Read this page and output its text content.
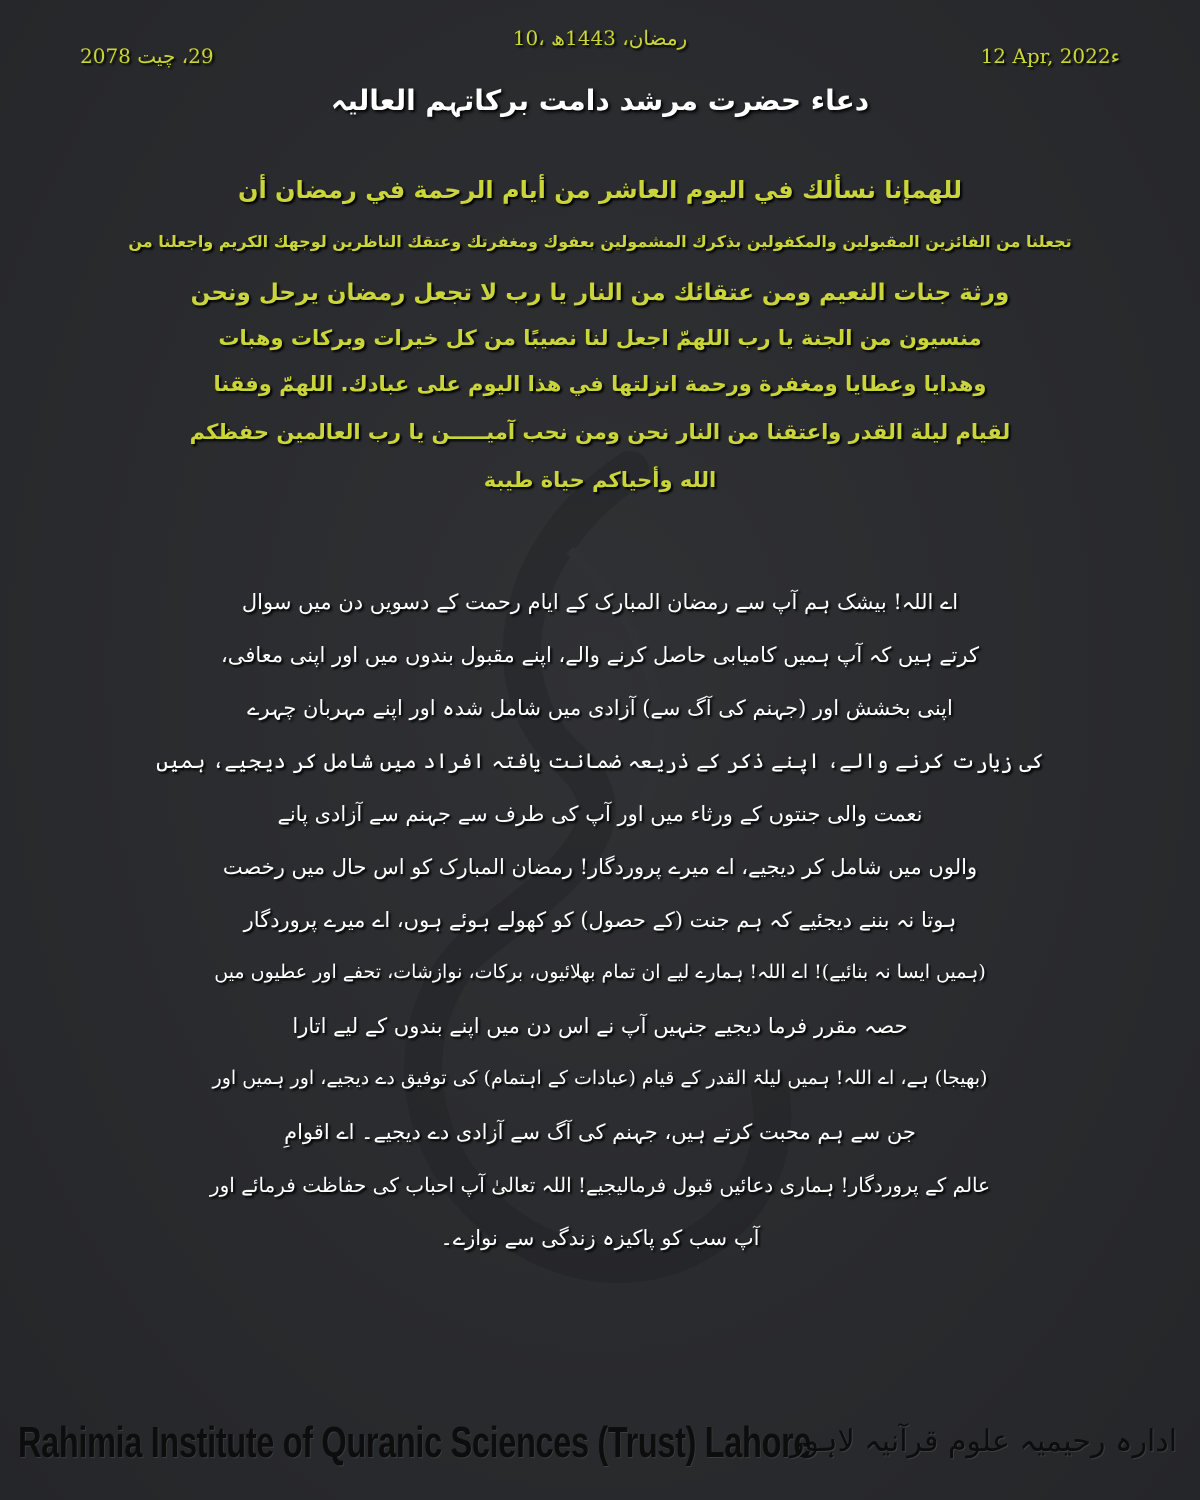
10، رمضان، 1443ھ
29، چیت 2078	12 Apr, 2022ء
دعاء حضرت مرشد دامت برکاتہم العالیہ
للهمإنا نسألك في اليوم العاشر من أيام الرحمة في رمضان أن
تجعلنا من الفائزين المقبولين والمكفولين بذكرك المشمولين بعفوك ومغفرتك وعتقك الناظرين لوجهك الكريم واجعلنا من
ورثة جنات النعيم ومن عتقائك من النار يا رب لا تجعل رمضان يرحل ونحن
منسيون من الجنة يا رب اللهمّ اجعل لنا نصيبًا من كل خيرات وبركات وهبات
وهدايا وعطايا ومغفرة ورحمة انزلتها في هذا اليوم على عبادك. اللهمّ وفقنا
لقيام ليلة القدر واعتقنا من النار نحن ومن نحب آميـــــن يا رب العالمين حفظكم
الله وأحياكم حياة طيبة
اے اللہ! بیشک ہم آپ سے رمضان المبارک کے ایام رحمت کے دسویں دن میں سوال
کرتے ہیں کہ آپ ہمیں کامیابی حاصل کرنے والے، اپنے مقبول بندوں میں اور اپنی معافی،
اپنی بخشش اور (جہنم کی آگ سے) آزادی میں شامل شدہ اور اپنے مہربان چہرے
کی زیارت کرنے والے، اپنے ذکر کے ذریعہ ضمانت یافتہ افراد میں شامل کر دیجیے، ہمیں
نعمت والی جنتوں کے ورثاء میں اور آپ کی طرف سے جہنم سے آزادی پانے
والوں میں شامل کر دیجیے، اے میرے پروردگار! رمضان المبارک کو اس حال میں رخصت
ہوتا نہ بننے دیجئیے کہ ہم جنت (کے حصول) کو کھولے ہوئے ہوں، اے میرے پروردگار
(ہمیں ایسا نہ بنائیے)! اے اللہ! ہمارے لیے ان تمام بھلائیوں، برکات، نوازشات، تحفے اور عطیوں میں
حصہ مقرر فرما دیجیے جنہیں آپ نے اس دن میں اپنے بندوں کے لیے اتارا
(بھیجا) ہے، اے اللہ! ہمیں لیلۃ القدر کے قیام (عبادات کے اہتمام) کی توفیق دے دیجیے، اور ہمیں اور
جن سے ہم محبت کرتے ہیں، جہنم کی آگ سے آزادی دے دیجیے۔ اے اقوامِ
عالم کے پروردگار! ہماری دعائیں قبول فرمالیجیے! اللہ تعالیٰ آپ احباب کی حفاظت فرمائے اور
آپ سب کو پاکیزہ زندگی سے نوازے۔
Rahimia Institute of Quranic Sciences (Trust) Lahore
ادارہ رحیمیہ علوم قرآنیہ لاہور
